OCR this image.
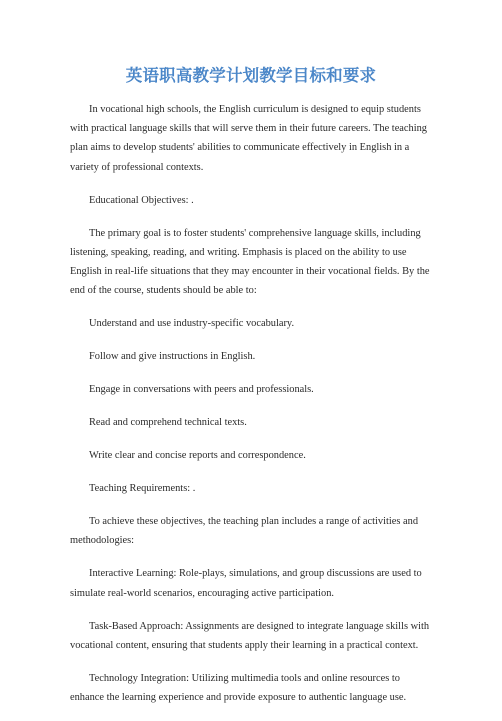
英语职高教学计划教学目标和要求

In vocational high schools, the English curriculum is designed to equip students with practical language skills that will serve them in their future careers. The teaching plan aims to develop students' abilities to communicate effectively in English in a variety of professional contexts.

Educational Objectives: .

The primary goal is to foster students' comprehensive language skills, including listening, speaking, reading, and writing. Emphasis is placed on the ability to use English in real-life situations that they may encounter in their vocational fields. By the end of the course, students should be able to:

Understand and use industry-specific vocabulary.

Follow and give instructions in English.

Engage in conversations with peers and professionals.

Read and comprehend technical texts.

Write clear and concise reports and correspondence.

Teaching Requirements: .

To achieve these objectives, the teaching plan includes a range of activities and methodologies:

Interactive Learning: Role-plays, simulations, and group discussions are used to simulate real-world scenarios, encouraging active participation.

Task-Based Approach: Assignments are designed to integrate language skills with vocational content, ensuring that students apply their learning in a practical context.

Technology Integration: Utilizing multimedia tools and online resources to enhance the learning experience and provide exposure to authentic language use.
